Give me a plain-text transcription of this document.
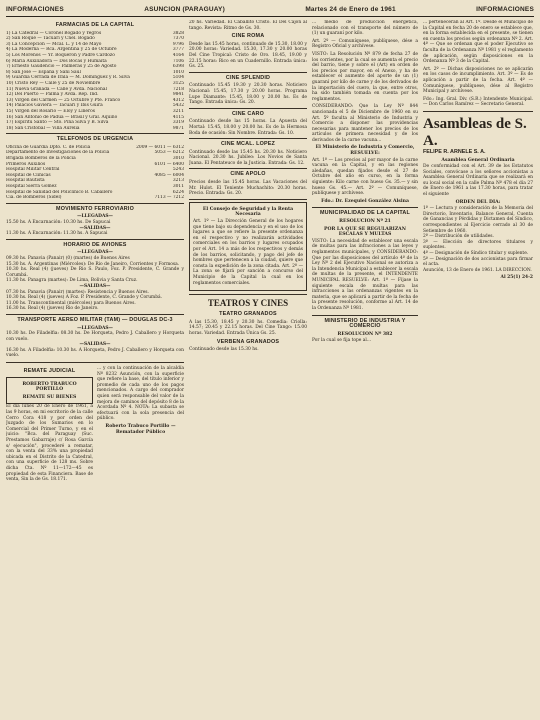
INFORMACIONES	ASUNCION (PARAGUAY)	Martes 24 de Enero de 1961	INFORMACIONES
FARMACIAS DE LA CAPITAL
1) La Catedral — Coronel Bogado y Yegros	3828
2) San Roque — Tacuari y Cnel. Bogado	7370
3) La Concepción — Mcal. L. y 14 de Mayo	9796
4) La Moderna — Rca. Argentina y 25 de Octubre	3777
5) Los Morenos — Yr. Boquerón y Padre Cardozo	4164
6) Maria Auxiliadora — Dos Bocas y Humaitá	7106
7) Ernesto Gaudencio — Palmeras y 25 de Agosto	6398
8) San José — España y Sani Saul	1010
9) Guardia Cerrada de Irala — M. Domínguez y R. Silva	5104
10) Cristo Rey — Calle y 25 de Noviembre	3125
11) Nueva Granada — Calle y Avda. Nacional	7218
12) Del Puerto — Palma y Avda. Rep. Ind.	9841
13) Virgen del Carmen — 25 Octubre y Pte. Franco	4312
14) Palacios Gaviera — Tacuari y Ibis Guirá	5432
15) Virgen del Rosario — Eloy y Liñeros	3211
16) San Antonio de Padua — Brasil y Gral. Aquino	4115
17) Espíritu Santo — Sto. Pina Silva y B. Silva	3319
18) San Cristóbal — Villa Aurelia	9871
TELEFONOS DE URGENCIA
Oficina de Guardia Dpto. C. de Policía	2009 — 6011 — 6312
Departamento de Investigaciones de la Policía	5053 — 6212
Brigada Bomberos de la Policía	3010
Primeros Auxilios	6101 — 6400
Hospital Militar Central	5243
Hospital de Clínicas	4085 — 6004
Hospital Bautista	3213
Hospital Sierra Gómez	3011
Hospital de Sanidad del Policlínico B. Caballero	6224
Cía. de Bomberos (Sidel)	7113 — 7212
MOVIMIENTO FERROVIARIO
—LLEGADAS—
15.50 hs. A Encarnación: 10.30 hs. De Sapucai
—SALIDAS—
11.30 hs. A Encarnación: 11.30 hs. A Sapucai
HORARIO DE AVIONES
—LLEGADAS—
09.30 hs. Panavia (Panair) (0) (martes) de Buenos Aires
15.30 hs. A. Argentinas (Miércoles): De Rio de Janeiro, Corrientes y Formosa.
10.30 hs. Real (4) (jueves) De Rio S. Paulo, Foz. P. Presidente, C. Grande y Corumbá.
11.30 hs. Panagra (martes): De Lima, Bolivia y Santa Cruz.
—SALIDAS—
07.30 hs. Panavia (Panair) (martes): Resistencia y Buenos Aires.
10.30 hs. Real (4) (jueves) A Foz. P. Presidente, C. Grande y Corumbá.
11.00 hs. Transcontinental (miércoles) para Buenos Aires.
16.30 hs. Real (4) (jueves) Rio de Janeiro.
TRANSPORTE AEREO MILITAR (TAM) — DOUGLAS DC-3
—LLEGADAS—
10.30 hs. De Filadelfia: 08.30 hs. De Horqueta, Pedro J. Caballero y Horqueta con vuelo.
—SALIDAS—
16.30 hs. A Filadelfia: 10.30 hs. A Horqueta, Pedro J. Caballero y Horqueta con vuelo.
REMATE JUDICIAL
ROBERTO TRABUCO PORTILLO
REMATE SU BIENES
El día lunes 20 de Enero de 1961, a las 9 horas, en mi escritorio de la calle Cerro Cora 418 y por orden del Juzgado de los Sumarios en lo Comercial del Primer Turno, y en el juicio: "Bca. del Paraguay (Suc. Prestamos Gabarraje) c/ Rosa García s/ ejecución", procederé a rematar, con la venta del 33% una propiedad ubicada en el Distrito de la Catedral, con una superficie de 128 ms. Sobre dicha Cta. Nº 11—172—45 es propiedad de esta Financiera. Base de venta, Sin la de Gs. 18.171.
... y con la continuación de la alcaldía Nº 8232 Asunción, con la superficie que refiere la base, del título inferior y promedio de cada uno de los pagos mencionados. A cargo del comprador quien será responsable del valor de la mejora de caminos del depósito 8 de la Acordada Nº 4. NOTA: La subasta se efectuará con la sola presencia del público.
Roberto Trabuco Portillo — Rematador Público
20 hs. Variedad. El Caballito Cristo. El Del Cajón al tango. Revista: Ritmo de Gs. 30.
CINE ROMA
Desde las 15.45 horas, continuado de 15.30, 18.00 y 20.00 horas: Variedad. 15.30, 17.30 y 20.00 horas Del Cine Tropical: Cristo de Oro. 18.45, 19.00 y 22.15 horas: Rico en un Cuadernillo. Entrada única: Gs. 25.
CINE SPLENDID
Continuado 15.45 19.30 y 20.30 horas. Noticiero Nacional: 15.45, 17.30 y 20.00 horas. Programa Lupe Diamante: 15.45, 18.00 y 20.00 hs. Es de Tango. Entrada única: Gs. 20.
CINE CARO
Continuado desde las 15 horas. La Apuesta del Mortal: 15.45, 18.00 y 20.00 hs. Es de la Hermosa Boda de ocasión: Sin Nombre. Entrada: Gs. 10.
CINE MCAL. LOPEZ
Continuado desde las 15.45 hs. 20.30 hs. Noticiero Nacional. 20.30 hs. Jubileo: Los Novios de Santa Juana. El Pentateuco de la Justicia. Entrada: Gs. 12.
CINE APOLO
Precios desde las 15.45 horas. Las Vacaciones del Mr. Hulot. El Teniente Muchachito: 20.30 horas. Precio. Entrada: Gs. 20.
El Consejo de Seguridad y la Renta Necesaria
Art. 1º — La Dirección General de los hogares que tiene bajo su dependencia y en el uso de los lugares a que se refiere la presente ordenanza en el respectivo y no realizarán actividades comerciales en los barrios y lugares ocupados por el Art. 14 a más de los respectivos y demás de los barrios, solicitando, y pago del jefe de hombres que pertenecen a la ciudad, quiere que consta la expedición de la zona citada. Art. 2º — La zona se fijará por sanción a concurso del Municipio de la Capital la cual en los reglamentos comerciales.
TEATROS Y CINES
TEATRO GRANADOS
A las 15.30, 18.45 y 20.30 hs. Comedia: Criolla: 14.57; 20.45 y 22.15 horas. Del Cine Tango: 15.00 horas. Variedad. Entrada Única Gs. 25.
VERBENA GRANADOS
Continuado desde las 15.30 hs.
... medio de producción energética, relacionado con el transporte del número de (1) un guaraní por kilo.
Art. 2º — Comuníquese, publíquese, dése a Registro Oficial y archívese.
VISTO: La Resolución Nº 879 de fecha 27 de los corrientes, por la cual se aumenta el precio del barrio, tiene y sobre el (Art) en orden de los precios por mayor, en el Anexo, y ha de establecer el aumento del aporte de un (1) guaraní por kilo de carne y de los derivados de la importación del cuero, la que, entre otros, ha sido también tomada en cuenta por los reglamentos.
CONSIDERANDO: Que la Ley Nº 844 sancionada el 5 de Diciembre de 1960 en su Art. 5º faculta al Ministerio de Industria y Comercio a disponer las providencias necesarias para mantener los precios de los artículos de primera necesidad y de los derivados de la carne vacuna...
El Ministerio de Industria y Comercio, RESUELVE:
Art. 1º — Los precios al por mayor de la carne vacuna en la Capital, y en las regiones aledañas, quedan fijados desde el 27 de Octubre del año en curso, en la forma siguiente: Kilo carne con hueso Gs. 35.— y sin hueso Gs. 45.— Art. 2º — Comuníquese, publíquese y archívese.
Fdo.: Dr. Ezequiel González Alsina
MUNICIPALIDAD DE LA CAPITAL
RESOLUCION Nº 21
POR LA QUE SE REGULARIZAN ESCALAS Y MULTAS
VISTO: La necesidad de establecer una escala de multas para las infracciones a las leyes y reglamentos municipales, y CONSIDERANDO: Que por las disposiciones del artículo 4º de la Ley Nº 2 del Ejecutivo Nacional se autoriza a la Intendencia Municipal a establecer la escala de multas de la presente, el INTENDENTE MUNICIPAL RESUELVE: Art. 1º — Fíjase la siguiente escala de multas para las infracciones a las ordenanzas vigentes en la materia, que se aplicará a partir de la fecha de la presente resolución, conforme al Art. 14 de la Ordenanza Nº 1981.
MINISTERIO DE INDUSTRIA Y COMERCIO
RESOLUCION Nº 382
Por la cual se fija tope al...
... pertenecerán al Art. 1º. Desde el Municipio de la Capital en fecha 20 de enero se establece que, en la forma establecida en el presente, se tienen en cuenta los precios según ordenanza Nº 2. Art. 4º — Que se ordenan que el poder Ejecutivo se faculta de la Ordenanza Nº 1981 y el reglamento de aplicación, según disposiciones en la Ordenanza Nº 3 de la Capital.
Art. 2º — Dichas disposiciones no se aplicarán en los casos de incumplimiento. Art. 3º — Es de aplicación a partir de la fecha. Art. 4º — Comuníquese, publíquese, dése al Registro Municipal y archívese.
Fdo.: Ing. Gral. Div. (S.R.) Intendente Municipal. — Don Carlos Ramírez — Secretario General.
Asambleas de S. A.
FELIPE R. ARNELE S. A.
Asamblea General Ordinaria
De conformidad con el Art. 39 de los Estatutos Sociales, convócase a los señores accionistas a Asamblea General Ordinaria que se realizará en su local social en la calle Palma Nº 478 el día 27 de Enero de 1961 a las 17.30 horas, para tratar el siguiente
ORDEN DEL DIA:
1º — Lectura y consideración de la Memoria del Directorio, Inventario, Balance General, Cuenta de Ganancias y Pérdidas y Dictamen del Síndico, correspondientes al Ejercicio cerrado al 30 de Setiembre de 1960.
2º — Distribución de utilidades.
3º — Elección de directores titulares y suplentes.
4º — Designación de Síndico titular y suplente.
5º — Designación de dos accionistas para firmar el acta.
Asunción, 13 de Enero de 1961. LA DIRECCION.
Al 25(1) 24-2
